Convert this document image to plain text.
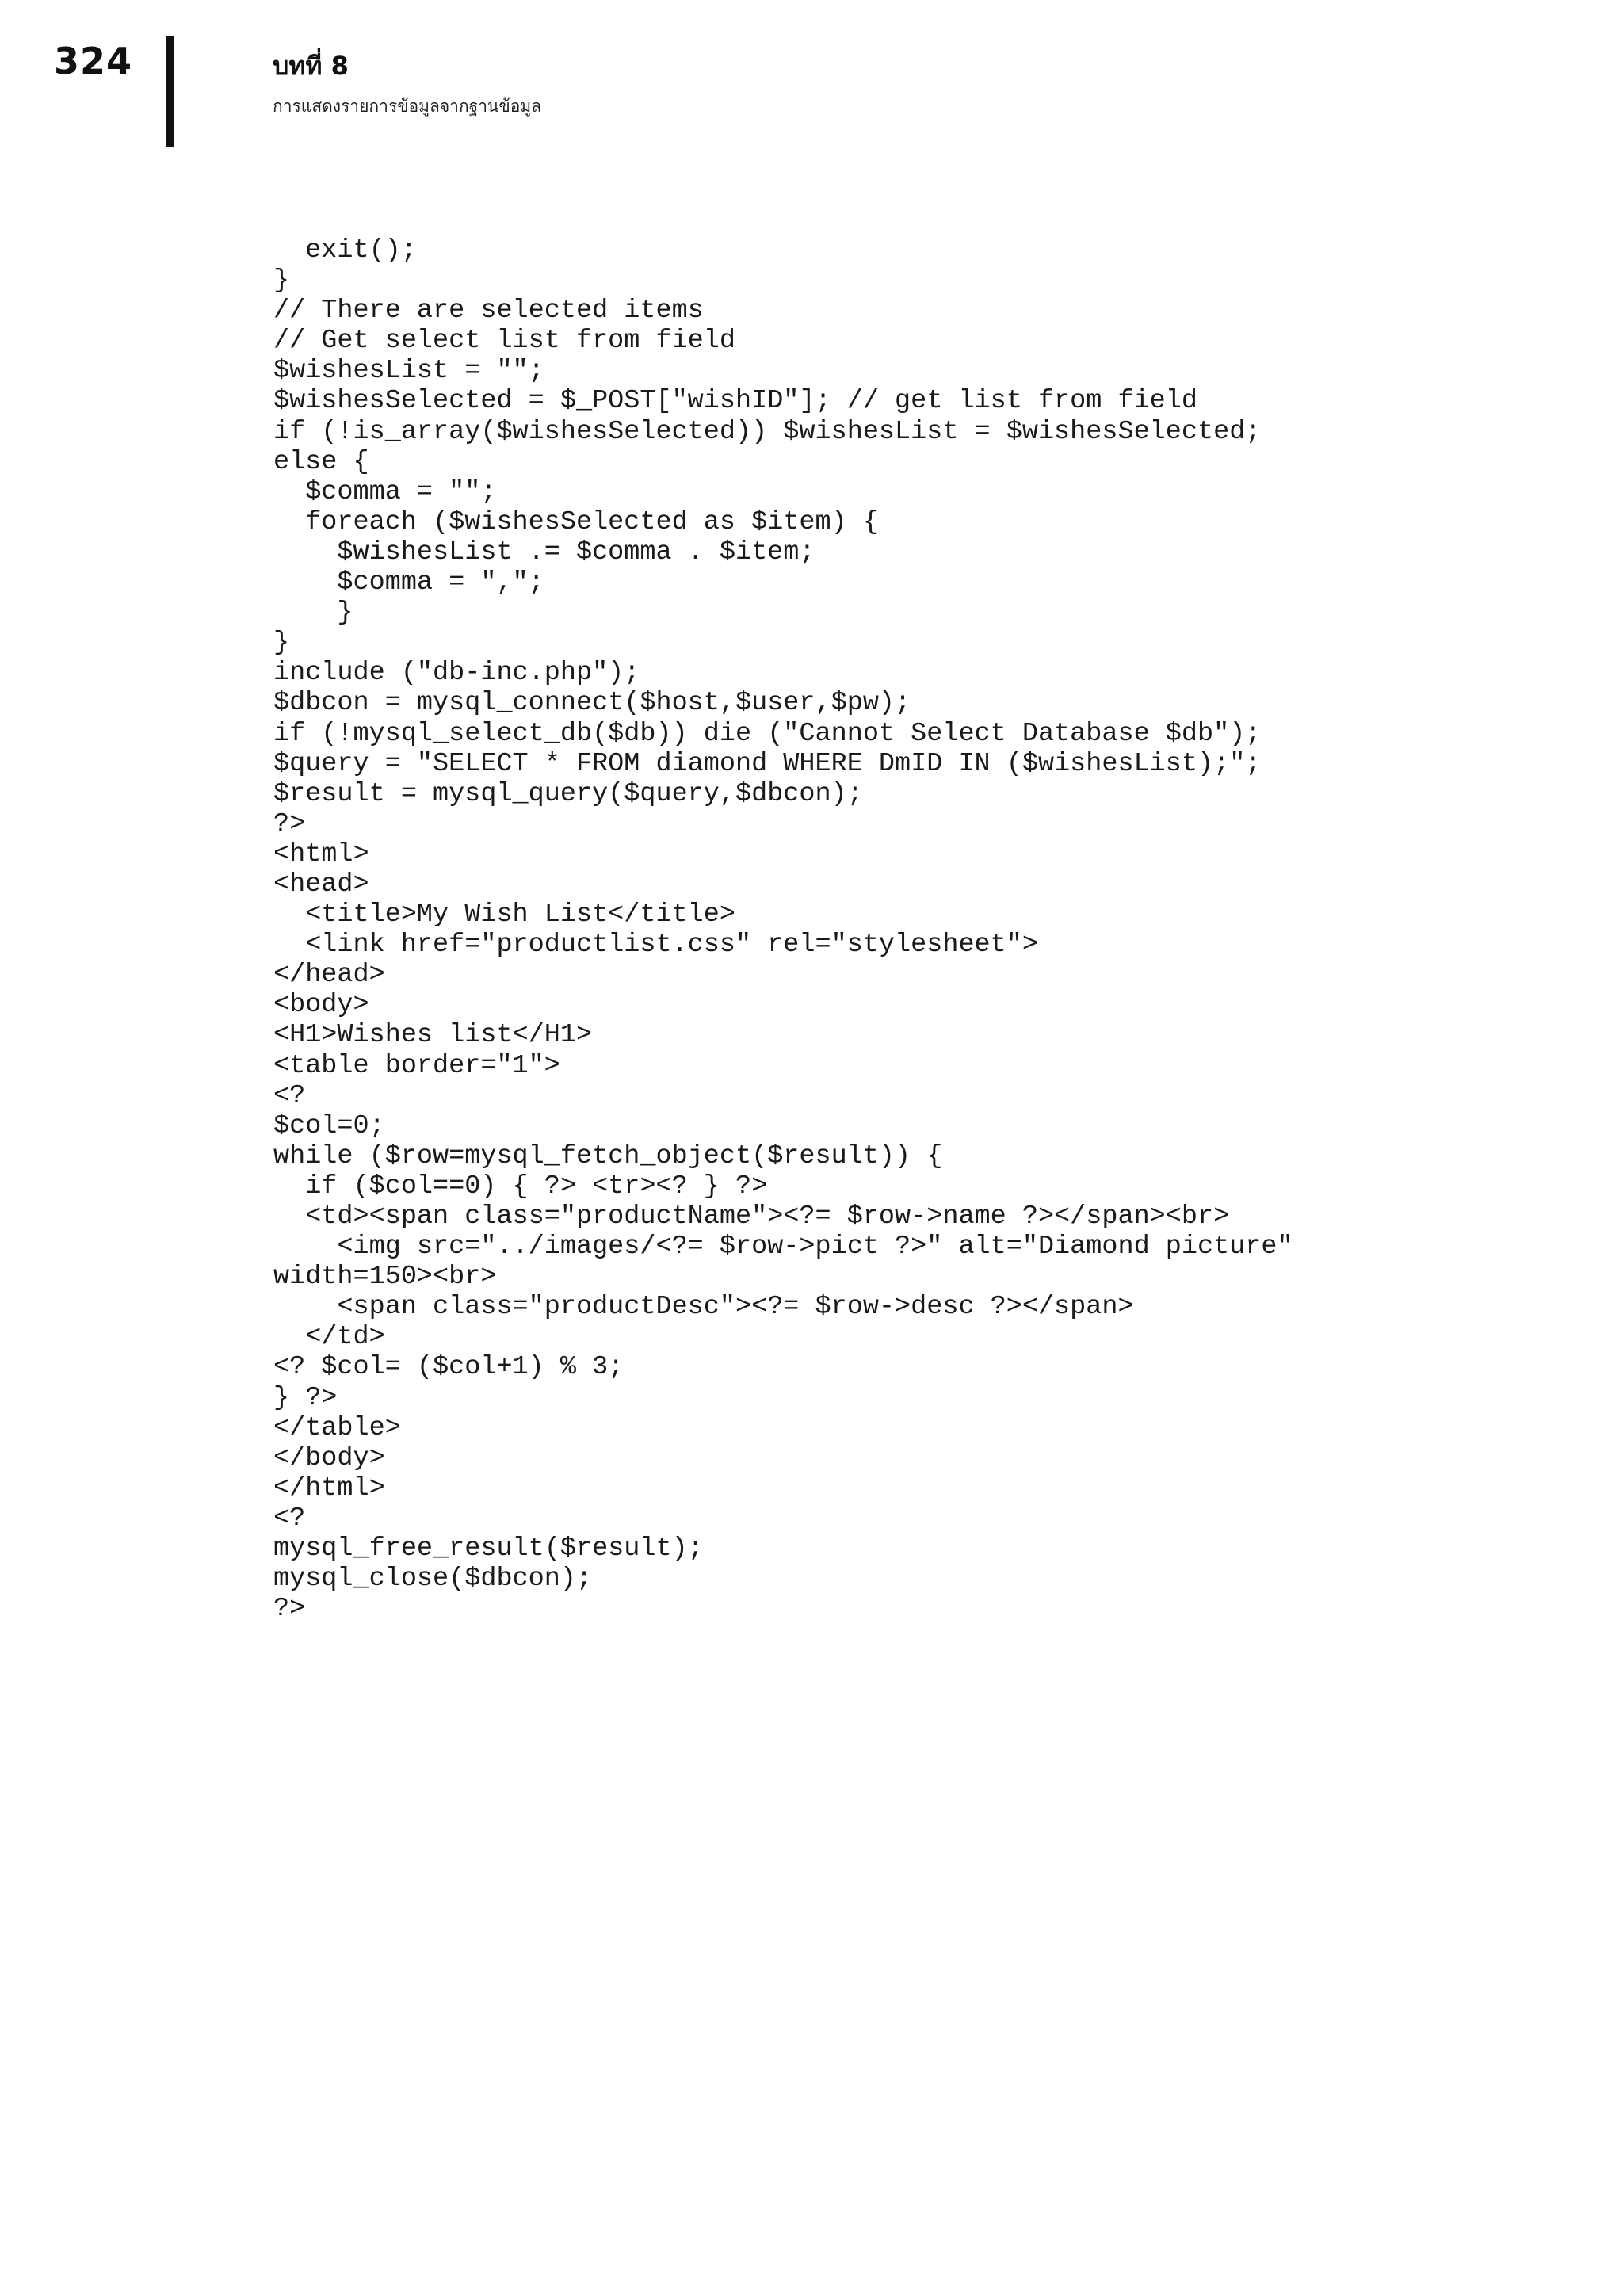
324	บทที่ 8
การแสดงรายการข้อมูลจากฐานข้อมูล
exit();
}
// There are selected items
// Get select list from field
$wishesList = "";
$wishesSelected = $_POST["wishID"]; // get list from field
if (!is_array($wishesSelected)) $wishesList = $wishesSelected;
else {
$comma = "";
foreach ($wishesSelected as $item) {
$wishesList .= $comma . $item;
$comma = ",";
}
}
include ("db-inc.php");
$dbcon = mysql_connect($host,$user,$pw);
if (!mysql_select_db($db)) die ("Cannot Select Database $db");
$query = "SELECT * FROM diamond WHERE DmID IN ($wishesList);";
$result = mysql_query($query,$dbcon);
?>
<html>
<head>
<title>My Wish List</title>
<link href="productlist.css" rel="stylesheet">
</head>
<body>
<H1>Wishes list</H1>
<table border="1">
<?
$col=0;
while ($row=mysql_fetch_object($result)) {
if ($col==0) { ?> <tr><? } ?>
<td><span class="productName"><?= $row->name ?></span><br>
<img src="../images/<?= $row->pict ?>" alt="Diamond picture"
width=150><br>
<span class="productDesc"><?= $row->desc ?></span>
</td>
<? $col= ($col+1) % 3;
} ?>
</table>
</body>
</html>
<?
mysql_free_result($result);
mysql_close($dbcon);
?>
